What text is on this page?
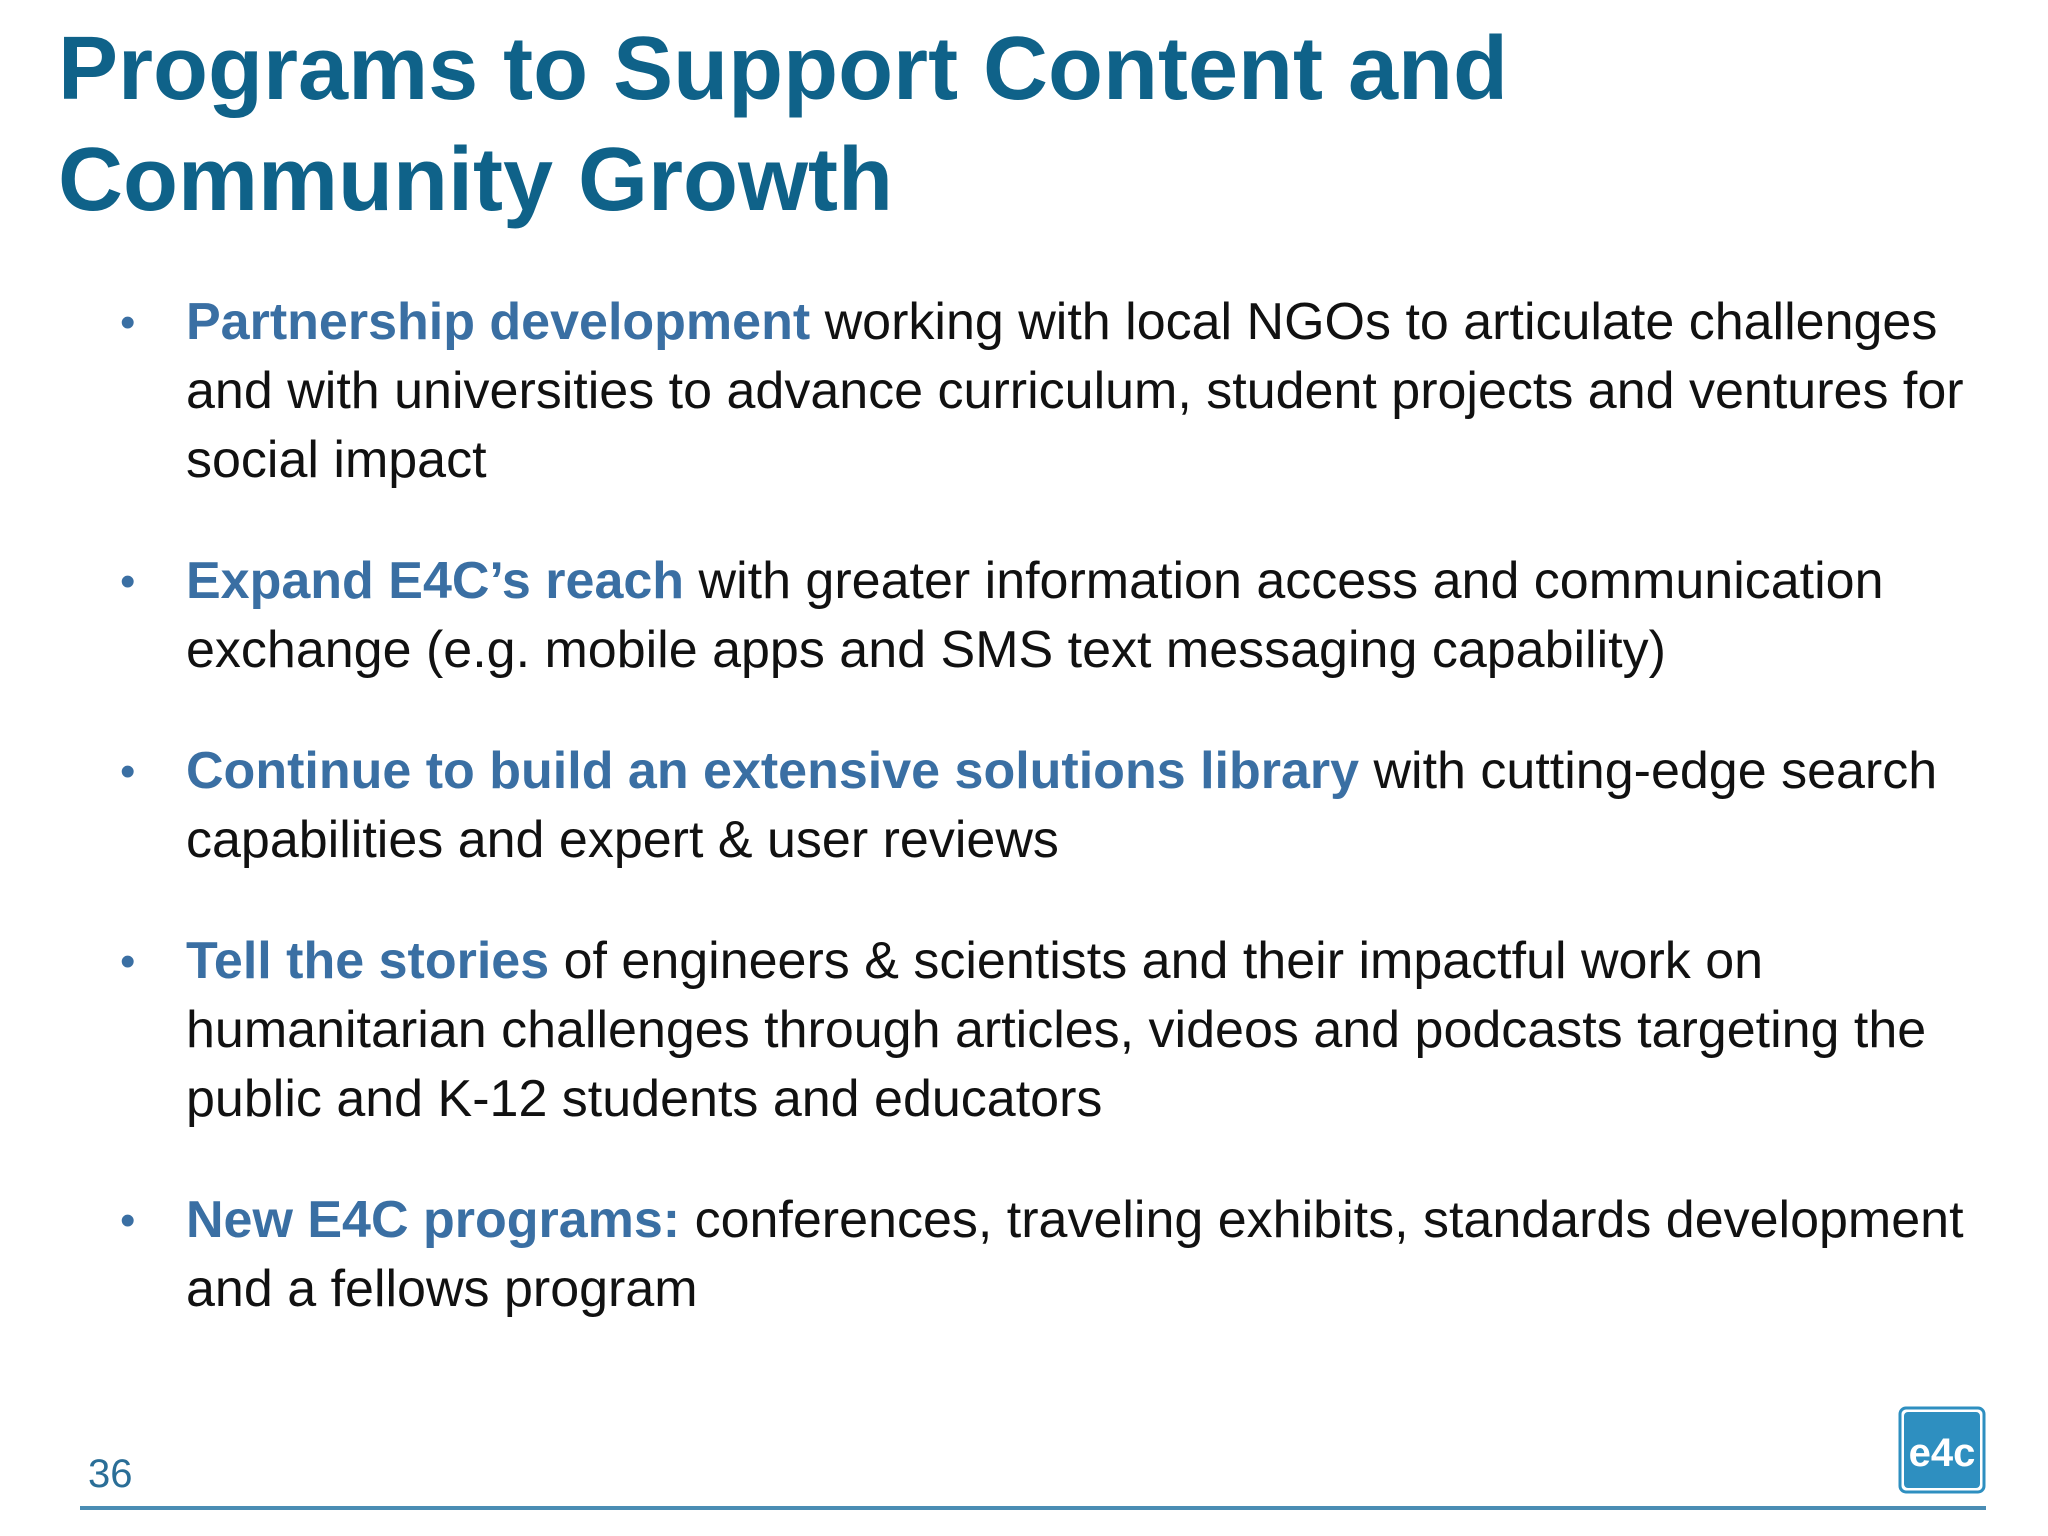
Programs to Support Content and
Community Growth
• Partnership development working with local NGOs to articulate challenges and with universities to advance curriculum, student projects and ventures for social impact
• Expand E4C’s reach with greater information access and communication exchange (e.g. mobile apps and SMS text messaging capability)
• Continue to build an extensive solutions library with cutting-edge search capabilities and expert & user reviews
• Tell the stories of engineers & scientists and their impactful work on humanitarian challenges through articles, videos and podcasts targeting the public and K-12 students and educators
• New E4C programs: conferences, traveling exhibits, standards development and a fellows program
36	e4c
